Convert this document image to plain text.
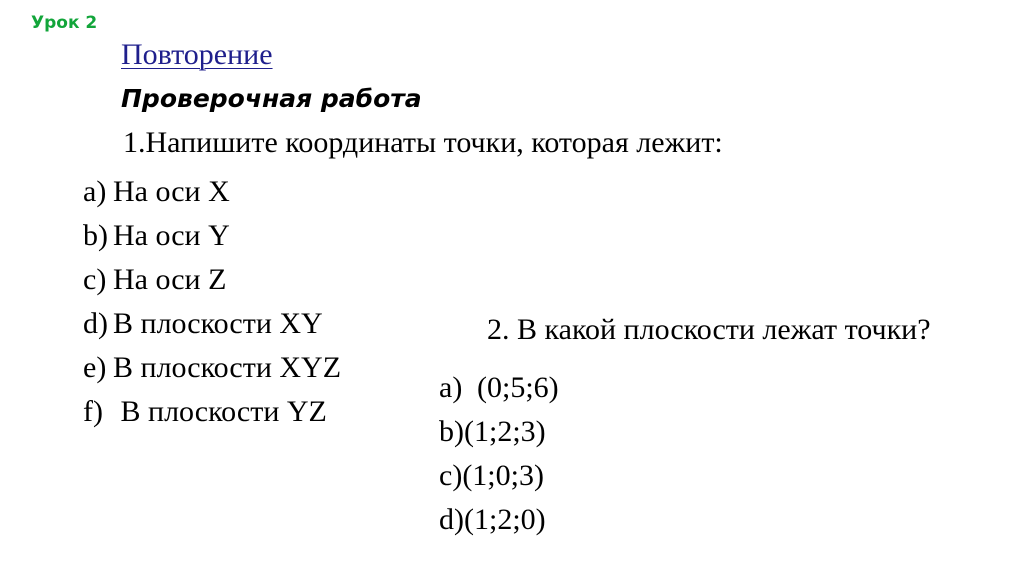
Урок 2
Повторение
Проверочная работа
1.Напишите координаты точки, которая лежит:
a) На оси X
b) На оси Y
c) На оси Z
d) В плоскости XY
e) В плоскости XYZ
f) В плоскости YZ
2. В какой плоскости лежат точки?
a) (0;5;6)
b) (1;2;3)
c) (1;0;3)
d) (1;2;0)
